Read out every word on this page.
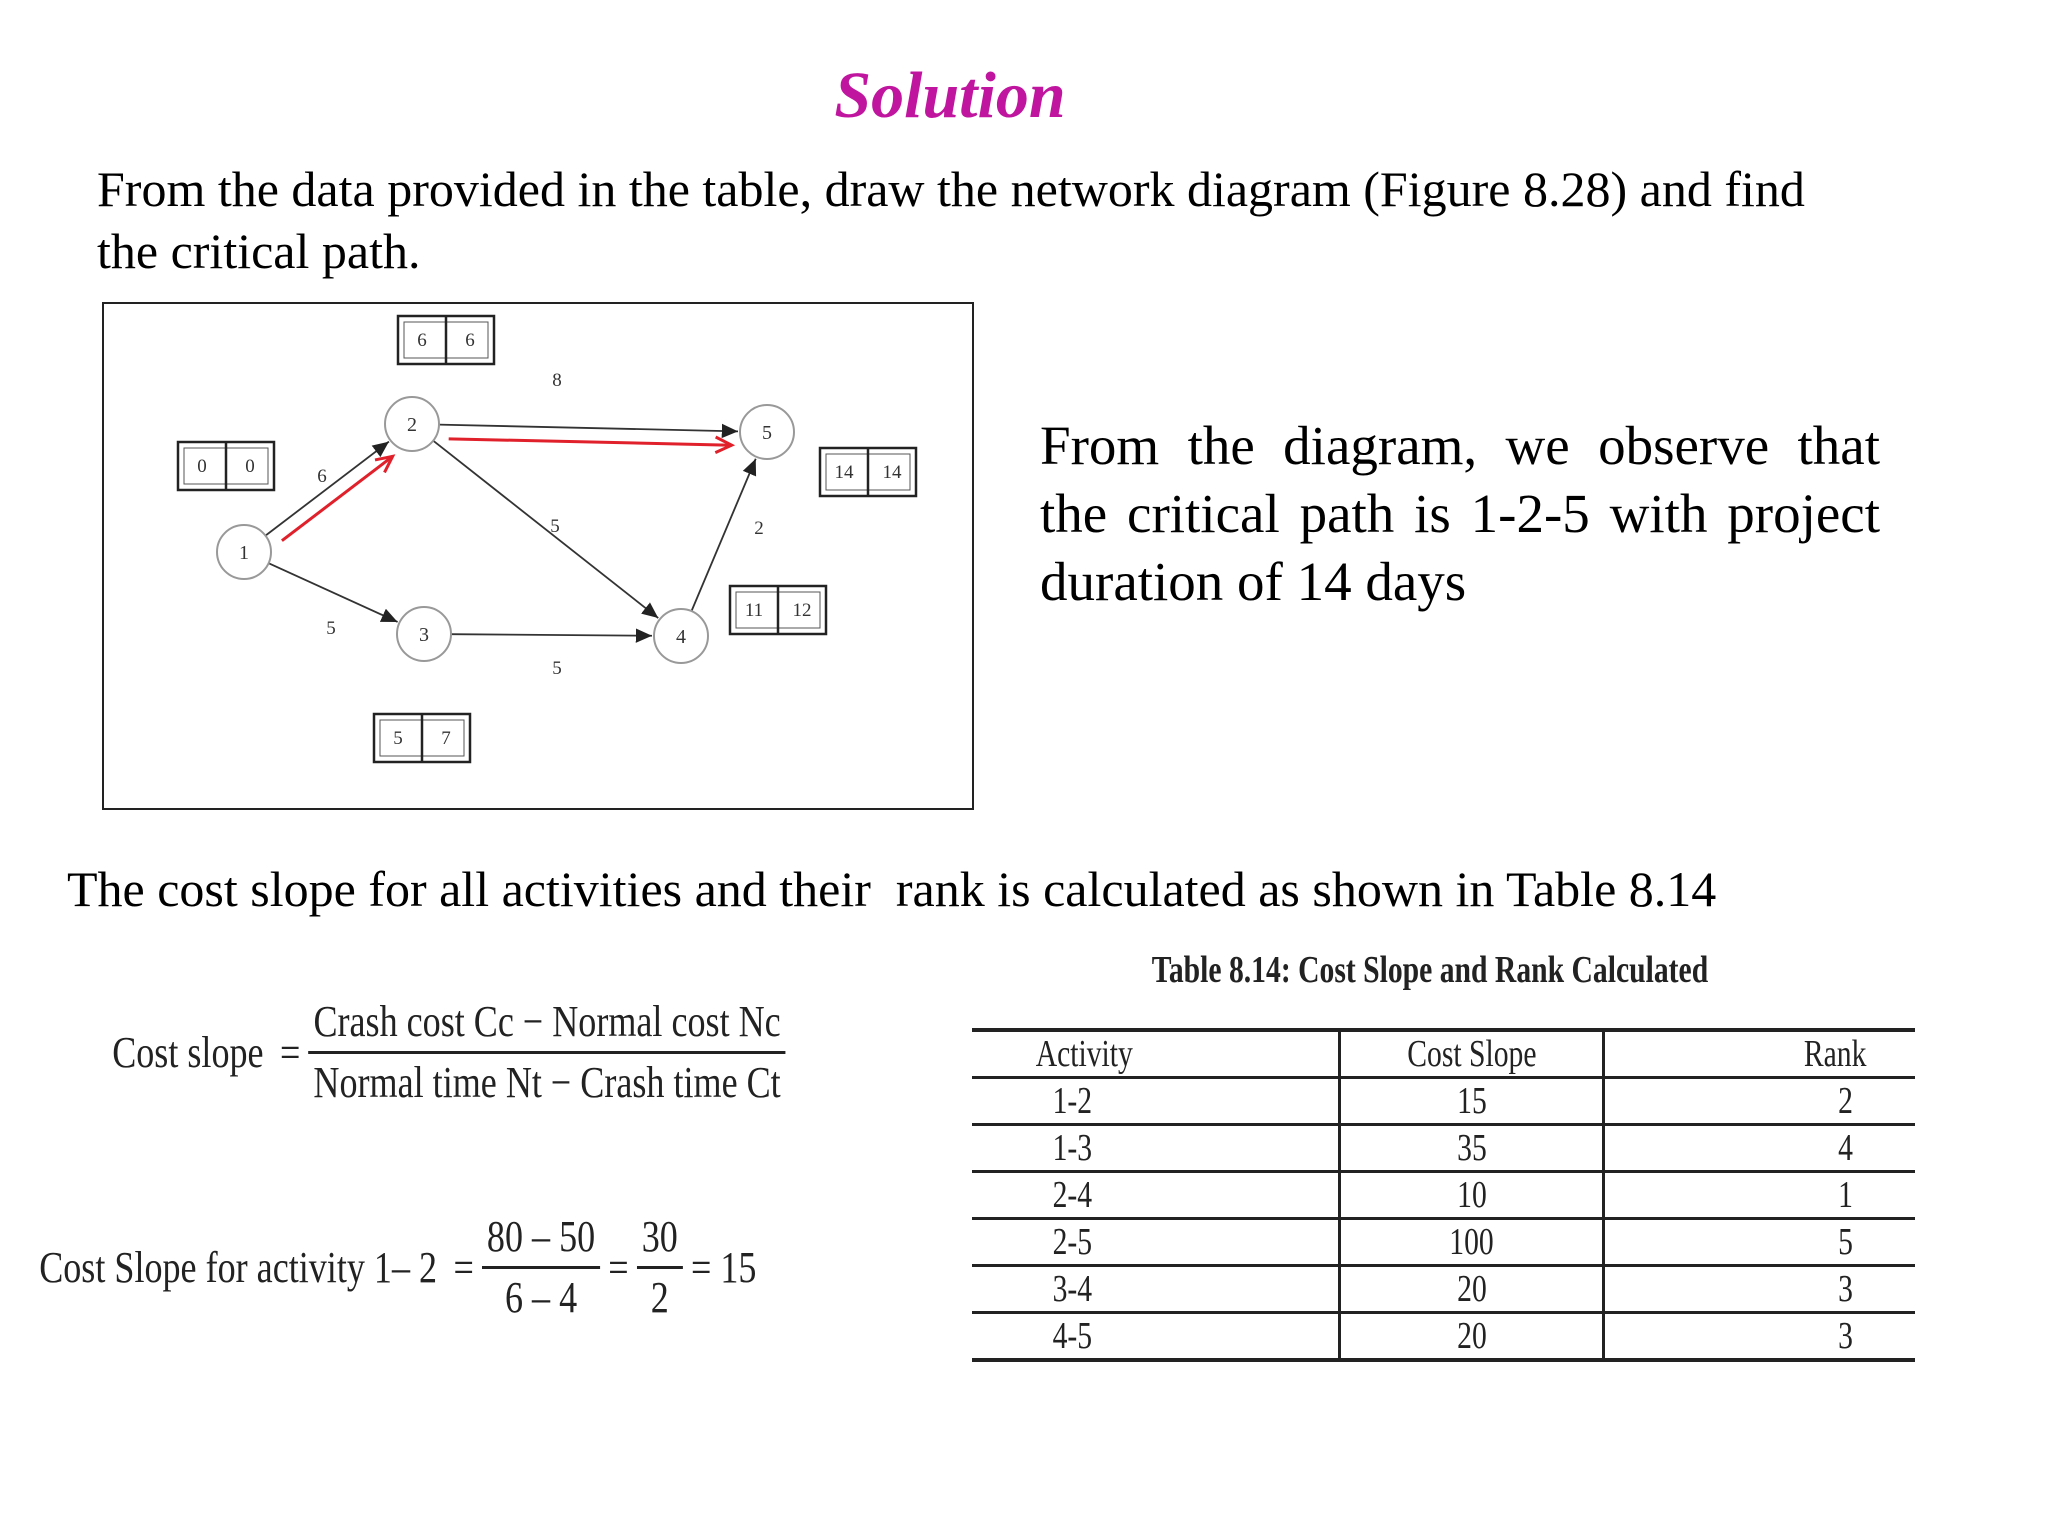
Solution
From the data provided in the table, draw the network diagram (Figure 8.28) and find the critical path.
6
5
8
5
5
2
1
2
3	4
5
0 0
6 6
5 7
11 12
14 14	From the diagram, we observe that the critical path is 1-2-5 with project duration of 14 days
The cost slope for all activities and their  rank is calculated as shown in Table 8.14
Cost slope = $\frac{\text{Crash cost Cc − Normal cost Nc}}{\text{Normal time Nt − Crash time Ct}}$
Cost Slope for activity 1– $2 = \frac{80 - 50}{6 - 4} = \frac{30}{2} = 15$
Table 8.14: Cost Slope and Rank Calculated
Activity	Cost Slope	Rank
1-2	15	2
1-3	35	4
2-4	10	1
2-5	100	5
3-4	20	3
4-5	20	3
